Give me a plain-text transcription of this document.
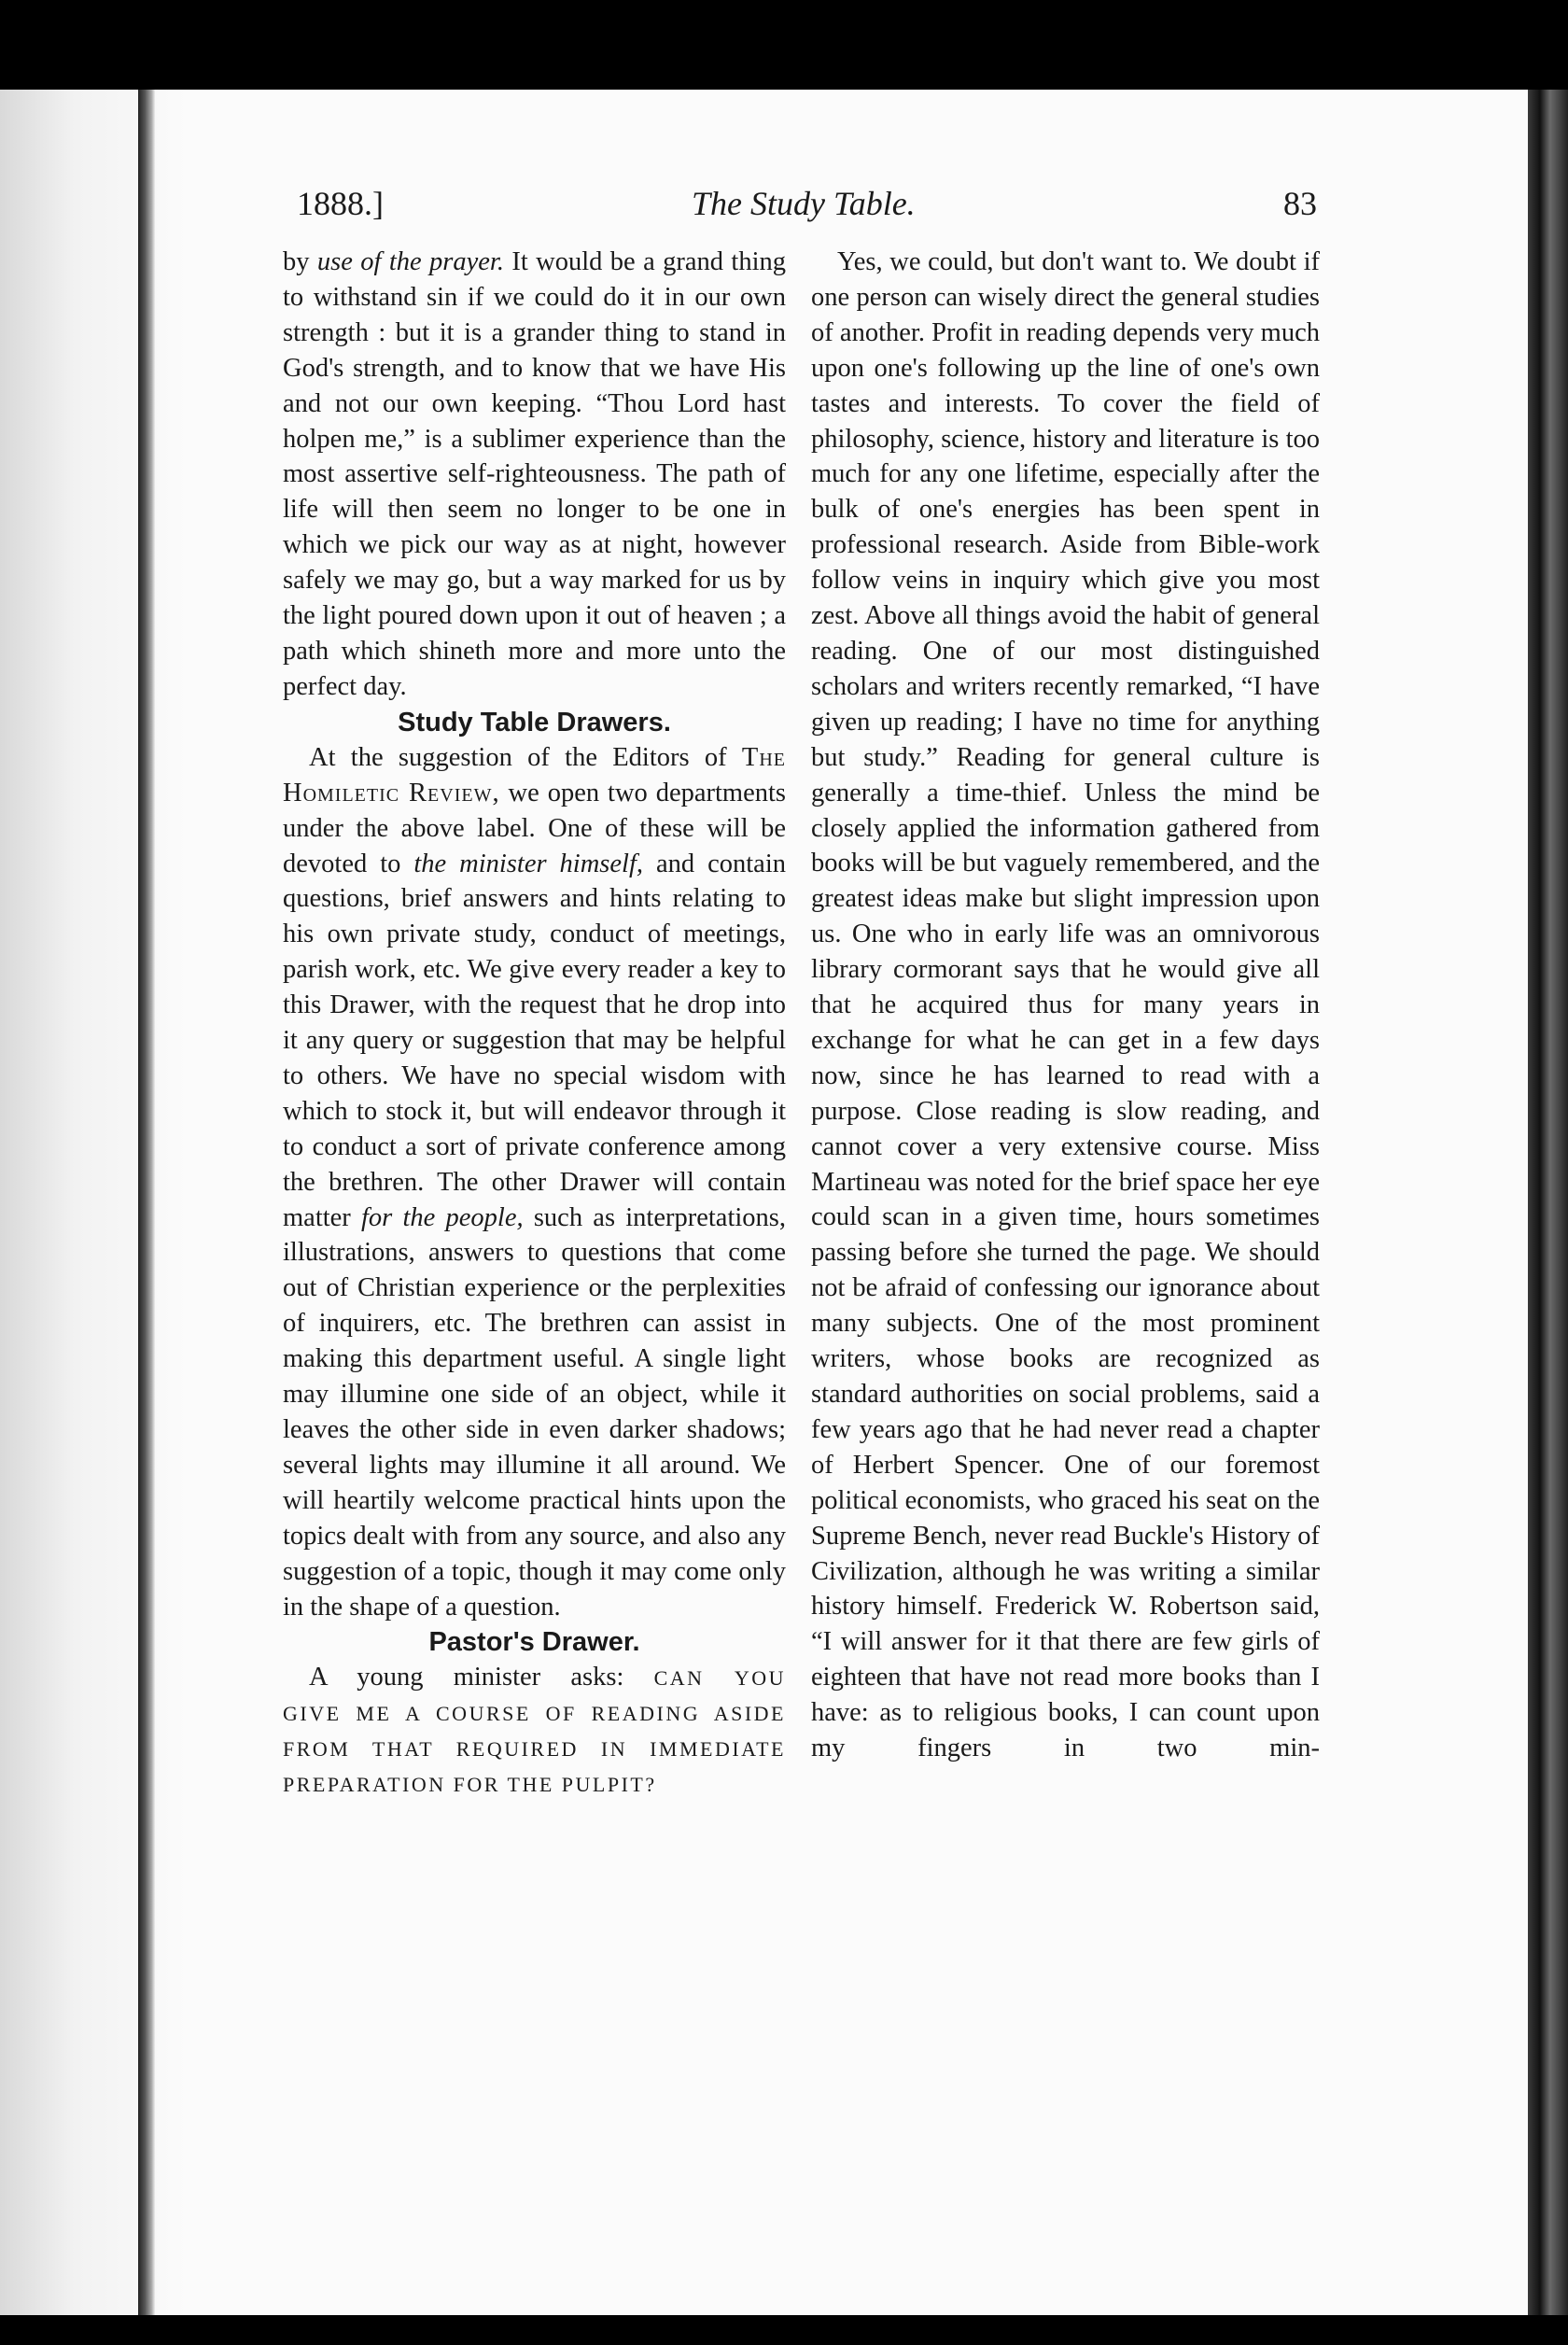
1888.]	The Study Table.	83

by use of the prayer. It would be a grand thing to withstand sin if we could do it in our own strength : but it is a grander thing to stand in God's strength, and to know that we have His and not our own keeping. “Thou Lord hast holpen me,” is a sublimer experience than the most assertive self-righteousness. The path of life will then seem no longer to be one in which we pick our way as at night, however safely we may go, but a way marked for us by the light poured down upon it out of heaven ; a path which shineth more and more unto the perfect day.

Study Table Drawers.

At the suggestion of the Editors of The Homiletic Review, we open two departments under the above label. One of these will be devoted to the minister himself, and contain questions, brief answers and hints relating to his own private study, conduct of meetings, parish work, etc. We give every reader a key to this Drawer, with the request that he drop into it any query or suggestion that may be helpful to others. We have no special wisdom with which to stock it, but will endeavor through it to conduct a sort of private conference among the brethren. The other Drawer will contain matter for the people, such as interpretations, illustrations, answers to questions that come out of Christian experience or the perplexities of inquirers, etc. The brethren can assist in making this department useful. A single light may illumine one side of an object, while it leaves the other side in even darker shadows; several lights may illumine it all around. We will heartily welcome practical hints upon the topics dealt with from any source, and also any suggestion of a topic, though it may come only in the shape of a question.

Pastor's Drawer.

A young minister asks: CAN YOU

GIVE ME A COURSE OF READING ASIDE

FROM THAT REQUIRED IN IMMEDIATE

PREPARATION FOR THE PULPIT?

Yes, we could, but don't want to. We doubt if one person can wisely direct the general studies of another. Profit in reading depends very much upon one's following up the line of one's own tastes and interests. To cover the field of philosophy, science, history and literature is too much for any one lifetime, especially after the bulk of one's energies has been spent in professional research. Aside from Bible-work follow veins in inquiry which give you most zest. Above all things avoid the habit of general reading. One of our most distinguished scholars and writers recently remarked, “I have given up reading; I have no time for anything but study.” Reading for general culture is generally a time-thief. Unless the mind be closely applied the information gathered from books will be but vaguely remembered, and the greatest ideas make but slight impression upon us. One who in early life was an omnivorous library cormorant says that he would give all that he acquired thus for many years in exchange for what he can get in a few days now, since he has learned to read with a purpose. Close reading is slow reading, and cannot cover a very extensive course. Miss Martineau was noted for the brief space her eye could scan in a given time, hours sometimes passing before she turned the page. We should not be afraid of confessing our ignorance about many subjects. One of the most prominent writers, whose books are recognized as standard authorities on social problems, said a few years ago that he had never read a chapter of Herbert Spencer. One of our foremost political economists, who graced his seat on the Supreme Bench, never read Buckle's History of Civilization, although he was writing a similar history himself. Frederick W. Robertson said, “I will answer for it that there are few girls of eighteen that have not read more books than I have: as to religious books, I can count upon my fingers in two min-
